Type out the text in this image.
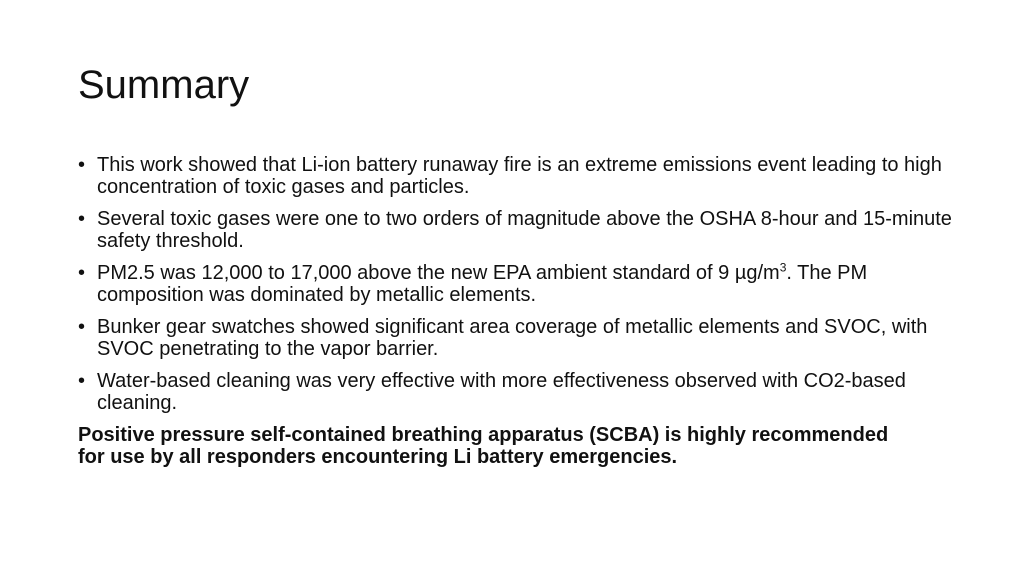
Summary
• This work showed that Li-ion battery runaway fire is an extreme emissions event leading to high concentration of toxic gases and particles.
• Several toxic gases were one to two orders of magnitude above the OSHA 8-hour and 15-minute safety threshold.
• PM2.5 was 12,000 to 17,000 above the new EPA ambient standard of 9 $\mu g/m^3$. The PM composition was dominated by metallic elements.
• Bunker gear swatches showed significant area coverage of metallic elements and SVOC, with SVOC penetrating to the vapor barrier.
• Water-based cleaning was very effective with more effectiveness observed with CO2-based cleaning.
Positive pressure self-contained breathing apparatus (SCBA) is highly recommended for use by all responders encountering Li battery emergencies.
